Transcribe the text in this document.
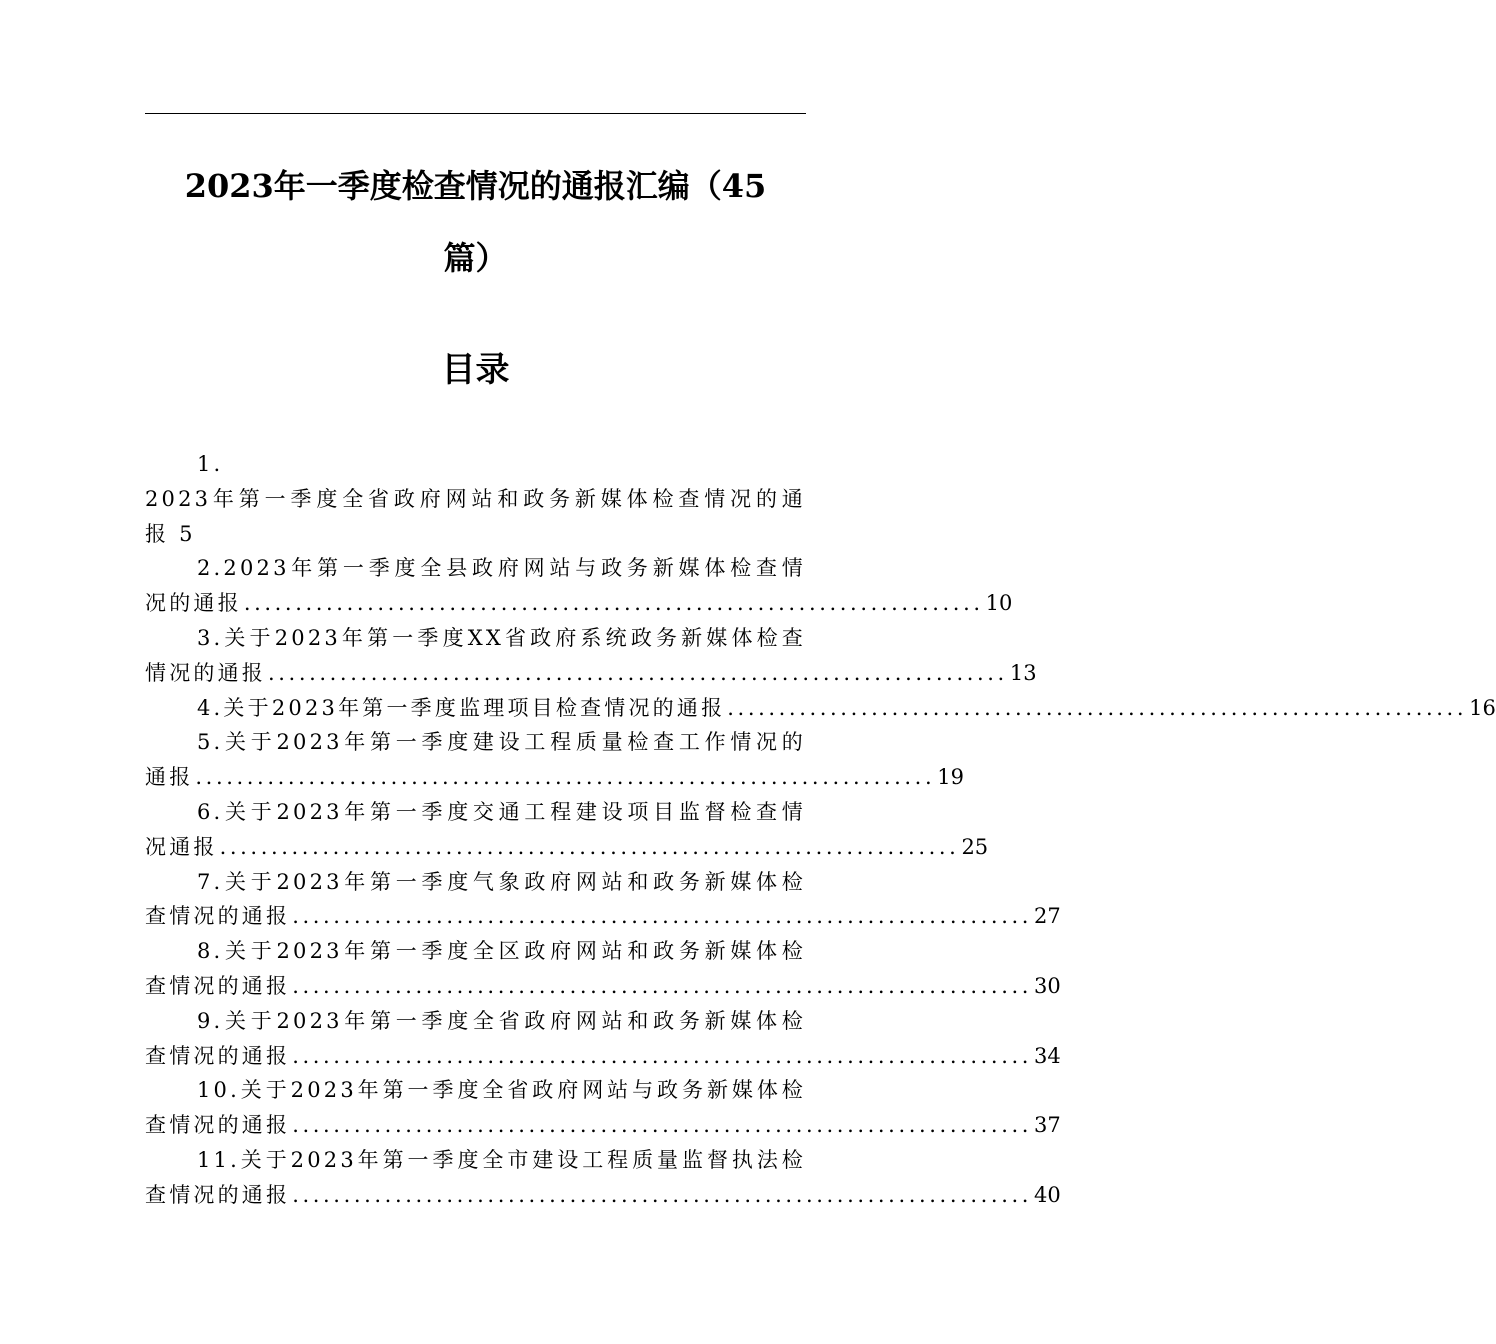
2023年一季度检查情况的通报汇编（45
篇）
目录
1.
2023年第一季度全省政府网站和政务新媒体检查情况的通
报 5
2.2023年第一季度全县政府网站与政务新媒体检查情
况的通报 ........................................................................ 10
3.关于2023年第一季度XX省政府系统政务新媒体检查
情况的通报 ........................................................................ 13
4.关于2023年第一季度监理项目检查情况的通报 ........................................................................ 16
5.关于2023年第一季度建设工程质量检查工作情况的
通报 ........................................................................ 19
6.关于2023年第一季度交通工程建设项目监督检查情
况通报 ........................................................................ 25
7.关于2023年第一季度气象政府网站和政务新媒体检
查情况的通报 ........................................................................ 27
8.关于2023年第一季度全区政府网站和政务新媒体检
查情况的通报 ........................................................................ 30
9.关于2023年第一季度全省政府网站和政务新媒体检
查情况的通报 ........................................................................ 34
10.关于2023年第一季度全省政府网站与政务新媒体检
查情况的通报 ........................................................................ 37
11.关于2023年第一季度全市建设工程质量监督执法检
查情况的通报 ........................................................................ 40
